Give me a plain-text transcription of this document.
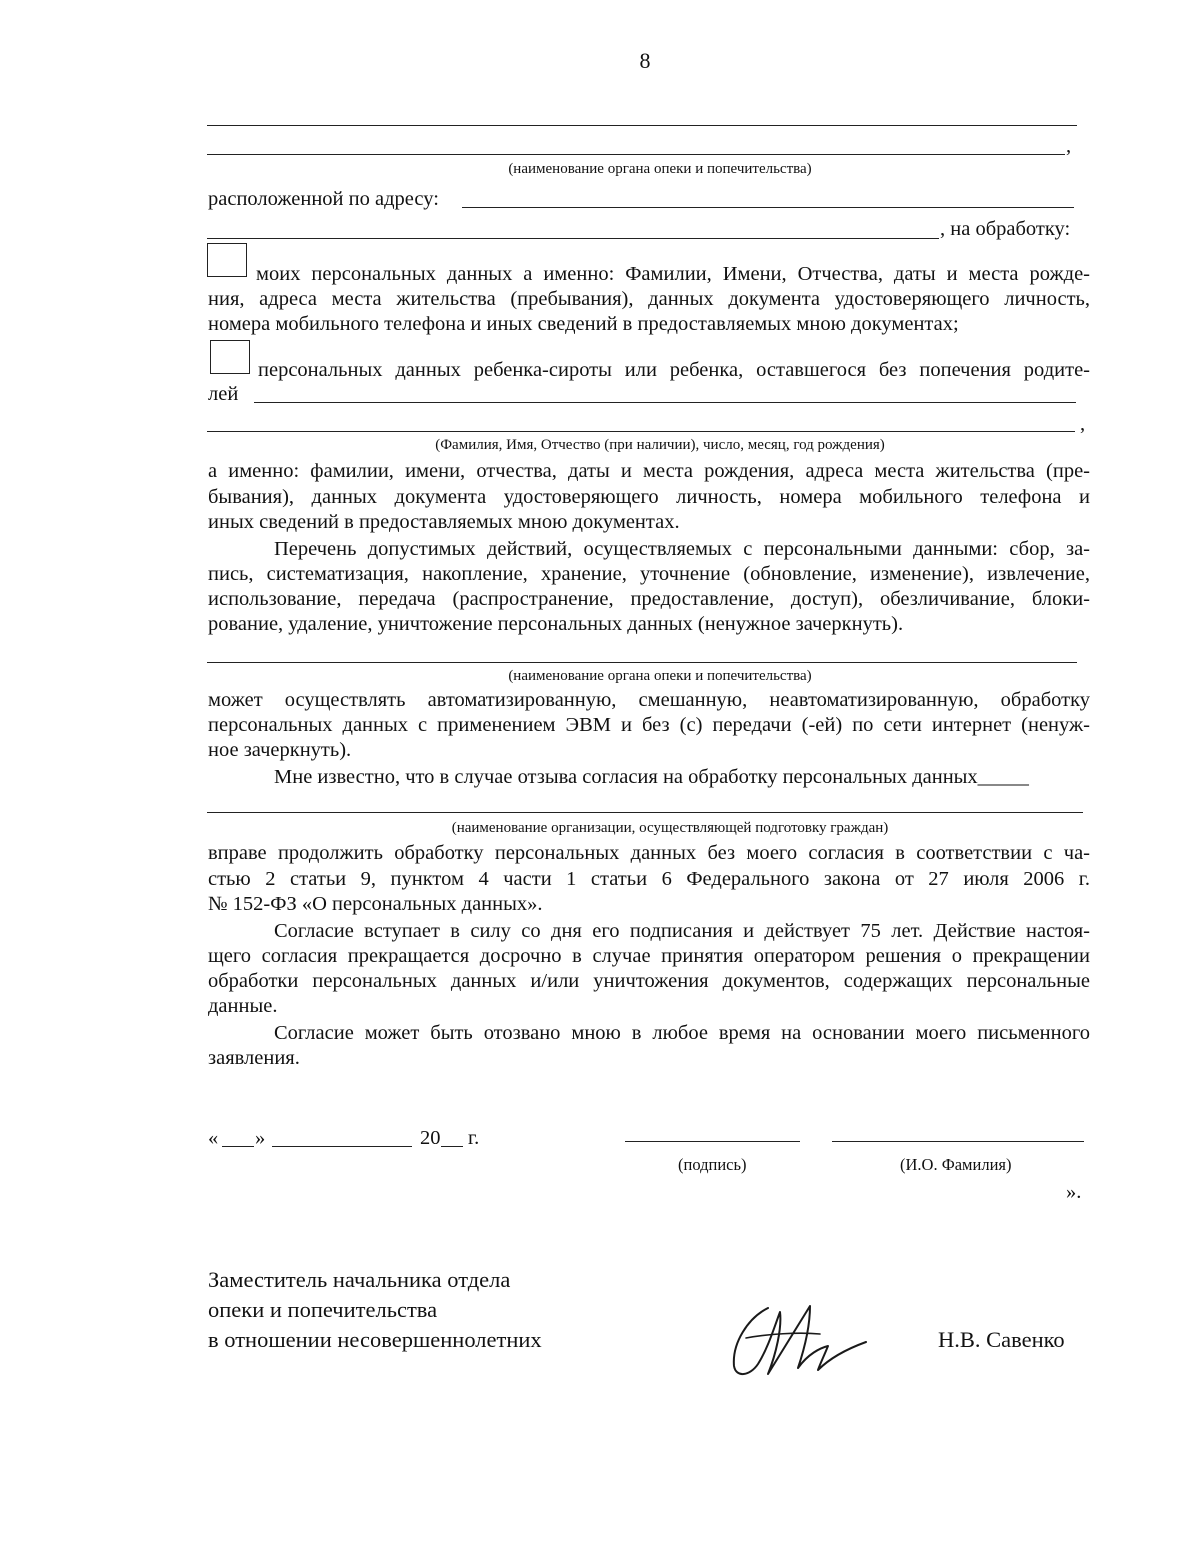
8
,
(наименование органа опеки и попечительства)
расположенной по адресу:
, на обработку:
моих персональных данных а именно: Фамилии, Имени, Отчества, даты и места рожде-
ния, адреса места жительства (пребывания), данных документа удостоверяющего личность,
номера мобильного телефона и иных сведений в предоставляемых мною документах;
персональных данных ребенка-сироты или ребенка, оставшегося без попечения родите-
лей
,
(Фамилия, Имя, Отчество (при наличии), число, месяц, год рождения)
а именно: фамилии, имени, отчества, даты и места рождения, адреса места жительства (пре-
бывания), данных документа удостоверяющего личность, номера мобильного телефона и
иных сведений в предоставляемых мною документах.
Перечень допустимых действий, осуществляемых с персональными данными: сбор, за-
пись, систематизация, накопление, хранение, уточнение (обновление, изменение), извлечение,
использование, передача (распространение, предоставление, доступ), обезличивание, блоки-
рование, удаление, уничтожение персональных данных (ненужное зачеркнуть).
(наименование органа опеки и попечительства)
может осуществлять автоматизированную, смешанную, неавтоматизированную, обработку
персональных данных с применением ЭВМ и без (с) передачи (-ей) по сети интернет (ненуж-
ное зачеркнуть).
Мне известно, что в случае отзыва согласия на обработку персональных данных_____
(наименование организации, осуществляющей подготовку граждан)
вправе продолжить обработку персональных данных без моего согласия в соответствии с ча-
стью 2 статьи 9, пунктом 4 части 1 статьи 6 Федерального закона от 27 июля 2006 г.
№ 152-ФЗ «О персональных данных».
Согласие вступает в силу со дня его подписания и действует 75 лет. Действие настоя-
щего согласия прекращается досрочно в случае принятия оператором решения о прекращении
обработки персональных данных и/или уничтожения документов, содержащих персональные
данные.
Согласие может быть отозвано мною в любое время на основании моего письменного
заявления.
« »	20 г.
(подпись)	(И.О. Фамилия)
».
Заместитель начальника отдела
опеки и попечительства
в отношении несовершеннолетних	Н.В. Савенко
